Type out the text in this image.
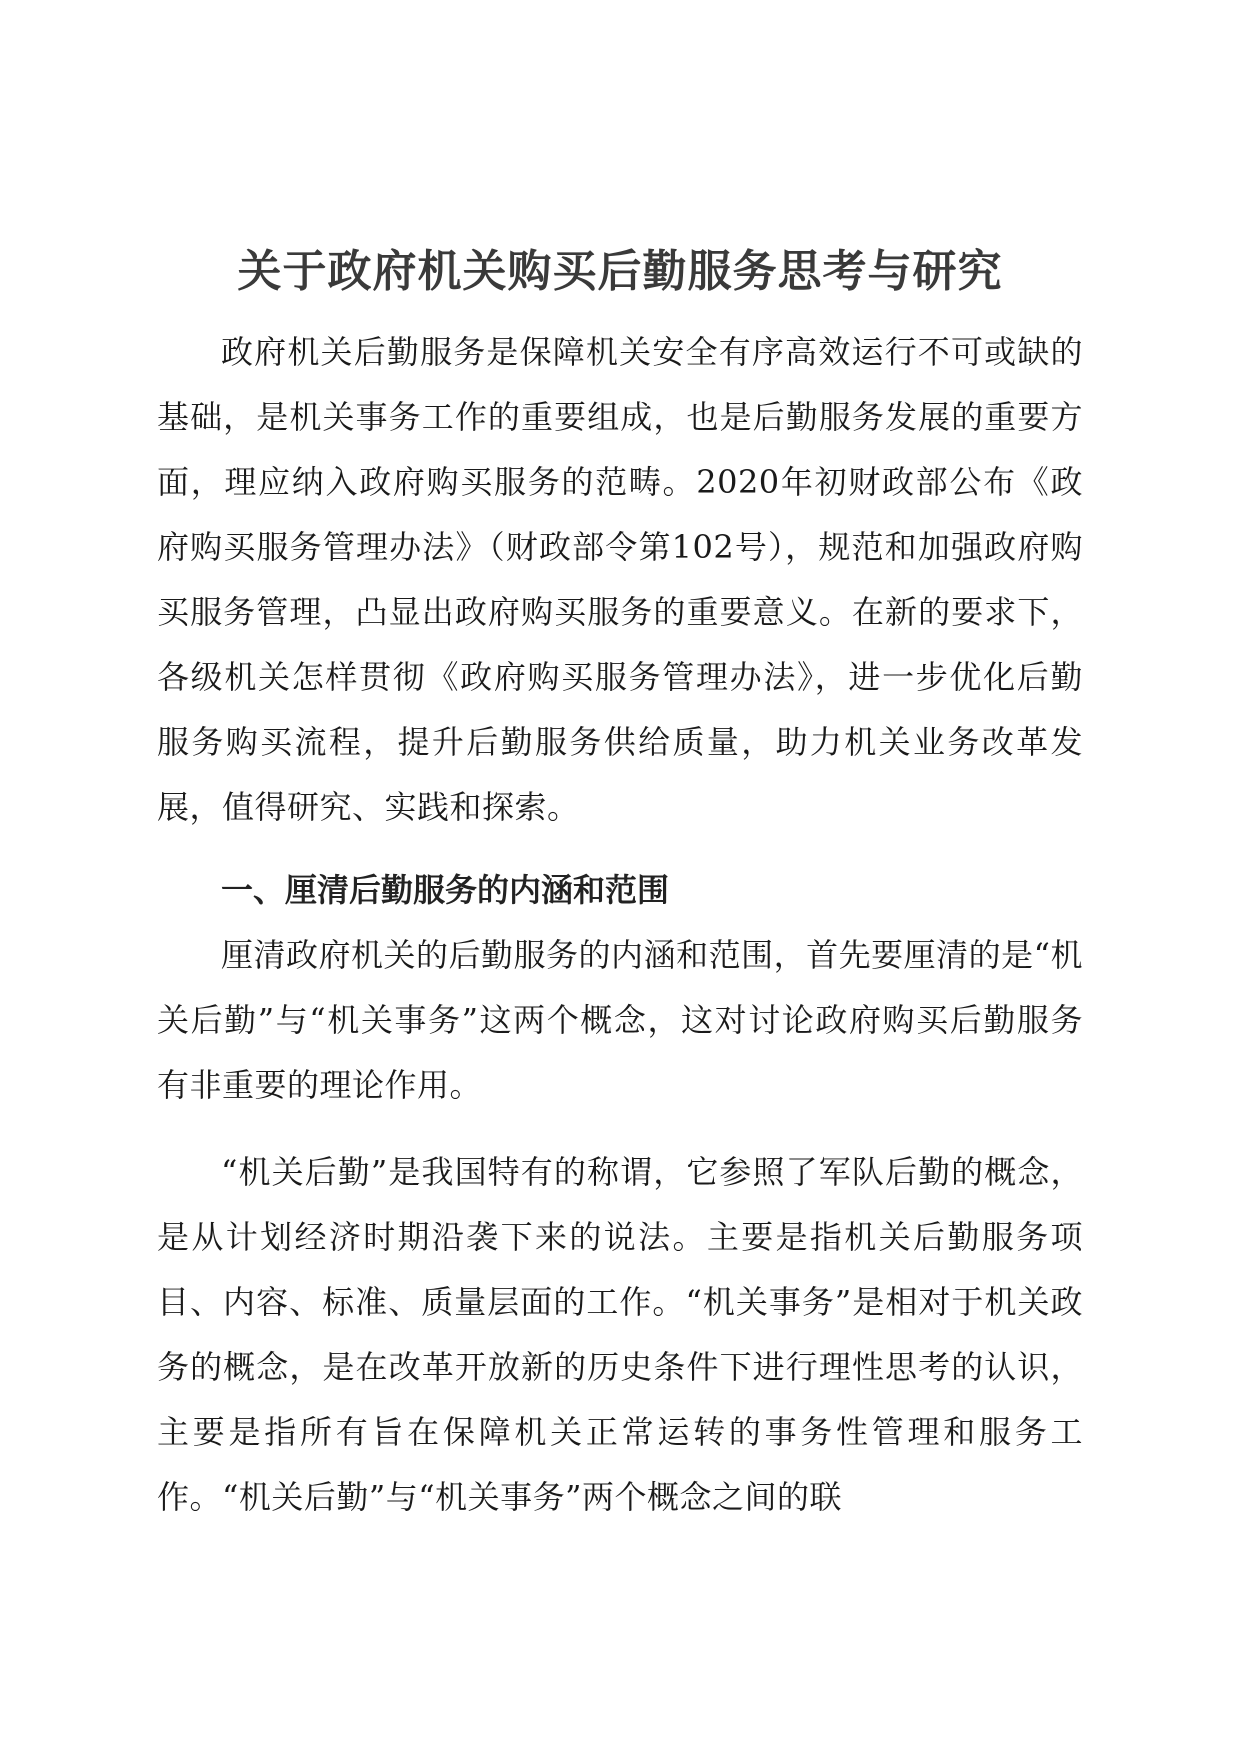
关于政府机关购买后勤服务思考与研究

政府机关后勤服务是保障机关安全有序高效运行不可或缺的基础，是机关事务工作的重要组成，也是后勤服务发展的重要方面，理应纳入政府购买服务的范畴。2020年初财政部公布《政府购买服务管理办法》（财政部令第102号），规范和加强政府购买服务管理，凸显出政府购买服务的重要意义。在新的要求下，各级机关怎样贯彻《政府购买服务管理办法》，进一步优化后勤服务购买流程，提升后勤服务供给质量，助力机关业务改革发展，值得研究、实践和探索。

一、厘清后勤服务的内涵和范围

厘清政府机关的后勤服务的内涵和范围，首先要厘清的是“机关后勤”与“机关事务”这两个概念，这对讨论政府购买后勤服务有非重要的理论作用。

“机关后勤”是我国特有的称谓，它参照了军队后勤的概念，是从计划经济时期沿袭下来的说法。主要是指机关后勤服务项目、内容、标准、质量层面的工作。“机关事务”是相对于机关政务的概念，是在改革开放新的历史条件下进行理性思考的认识，主要是指所有旨在保障机关正常运转的事务性管理和服务工作。“机关后勤”与“机关事务”两个概念之间的联
